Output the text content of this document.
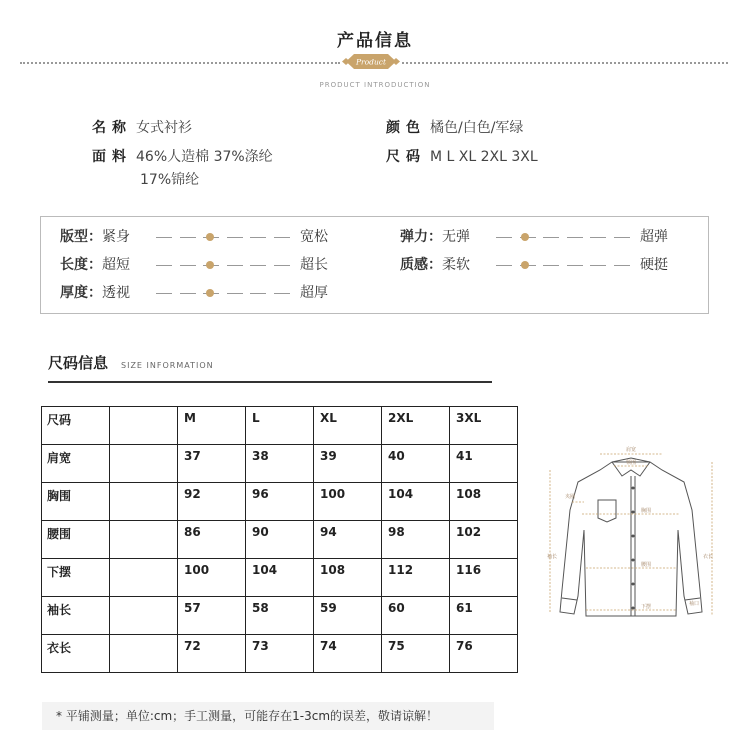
产品信息
Product
PRODUCT INTRODUCTION
名称 女式衬衫
面料 46%人造棉 37%涤纶
17%锦纶
颜色 橘色/白色/军绿
尺码 M L XL 2XL 3XL
版型：紧身	宽松
长度：超短	超长
厚度：透视	超厚
弹力：无弹	超弹
质感：柔软	硬挺
尺码信息 SIZE INFORMATION
尺码		M	L	XL	2XL	3XL

肩宽		37	38	39	40	41

胸围		92	96	100	104	108

腰围		86	90	94	98	102

下摆		100	104	108	112	116

袖长		57	58	59	60	61

衣长		72	73	74	75	76
肩宽
领围
夹圈
胸围
袖长	衣长
腰围
下摆	袖口
* 平铺测量；单位:cm；手工测量，可能存在1-3cm的误差，敬请谅解！
